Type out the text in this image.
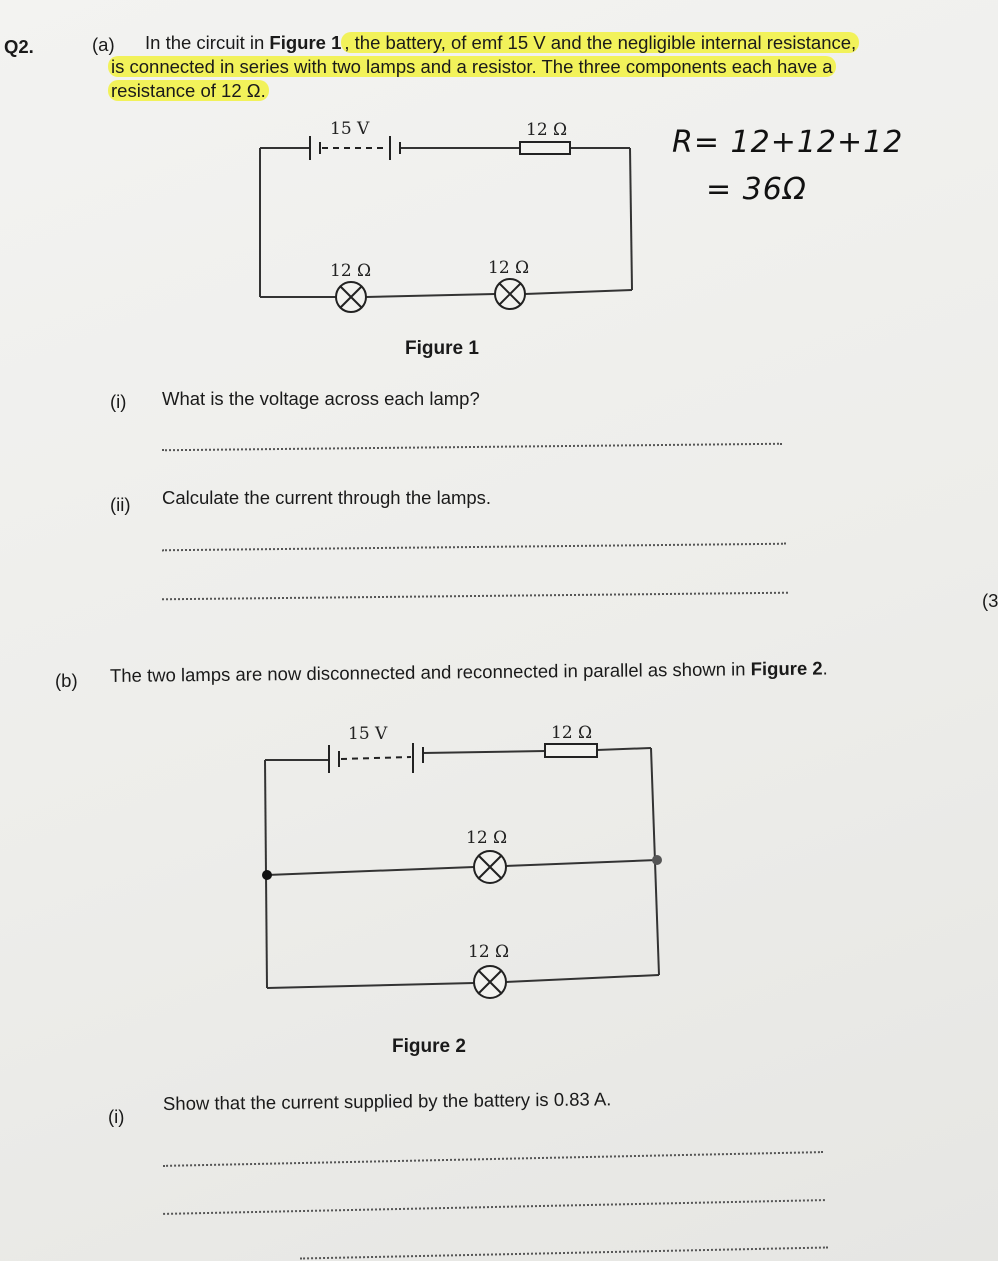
Q2.	(a) In the circuit in Figure 1 , the battery, of emf 15 V and the negligible internal resistance,
is connected in series with two lamps and a resistor. The three components each have a
resistance of 12 Ω.
15 V	12 Ω
12 Ω	12 Ω
R= 12+12+12
= 36Ω
Figure 1
(i) What is the voltage across each lamp?
(ii) Calculate the current through the lamps.
(3
(b) The two lamps are now disconnected and reconnected in parallel as shown in Figure 2.
15 V	12 Ω
12 Ω
12 Ω
Figure 2
(i)
Show that the current supplied by the battery is 0.83 A.
